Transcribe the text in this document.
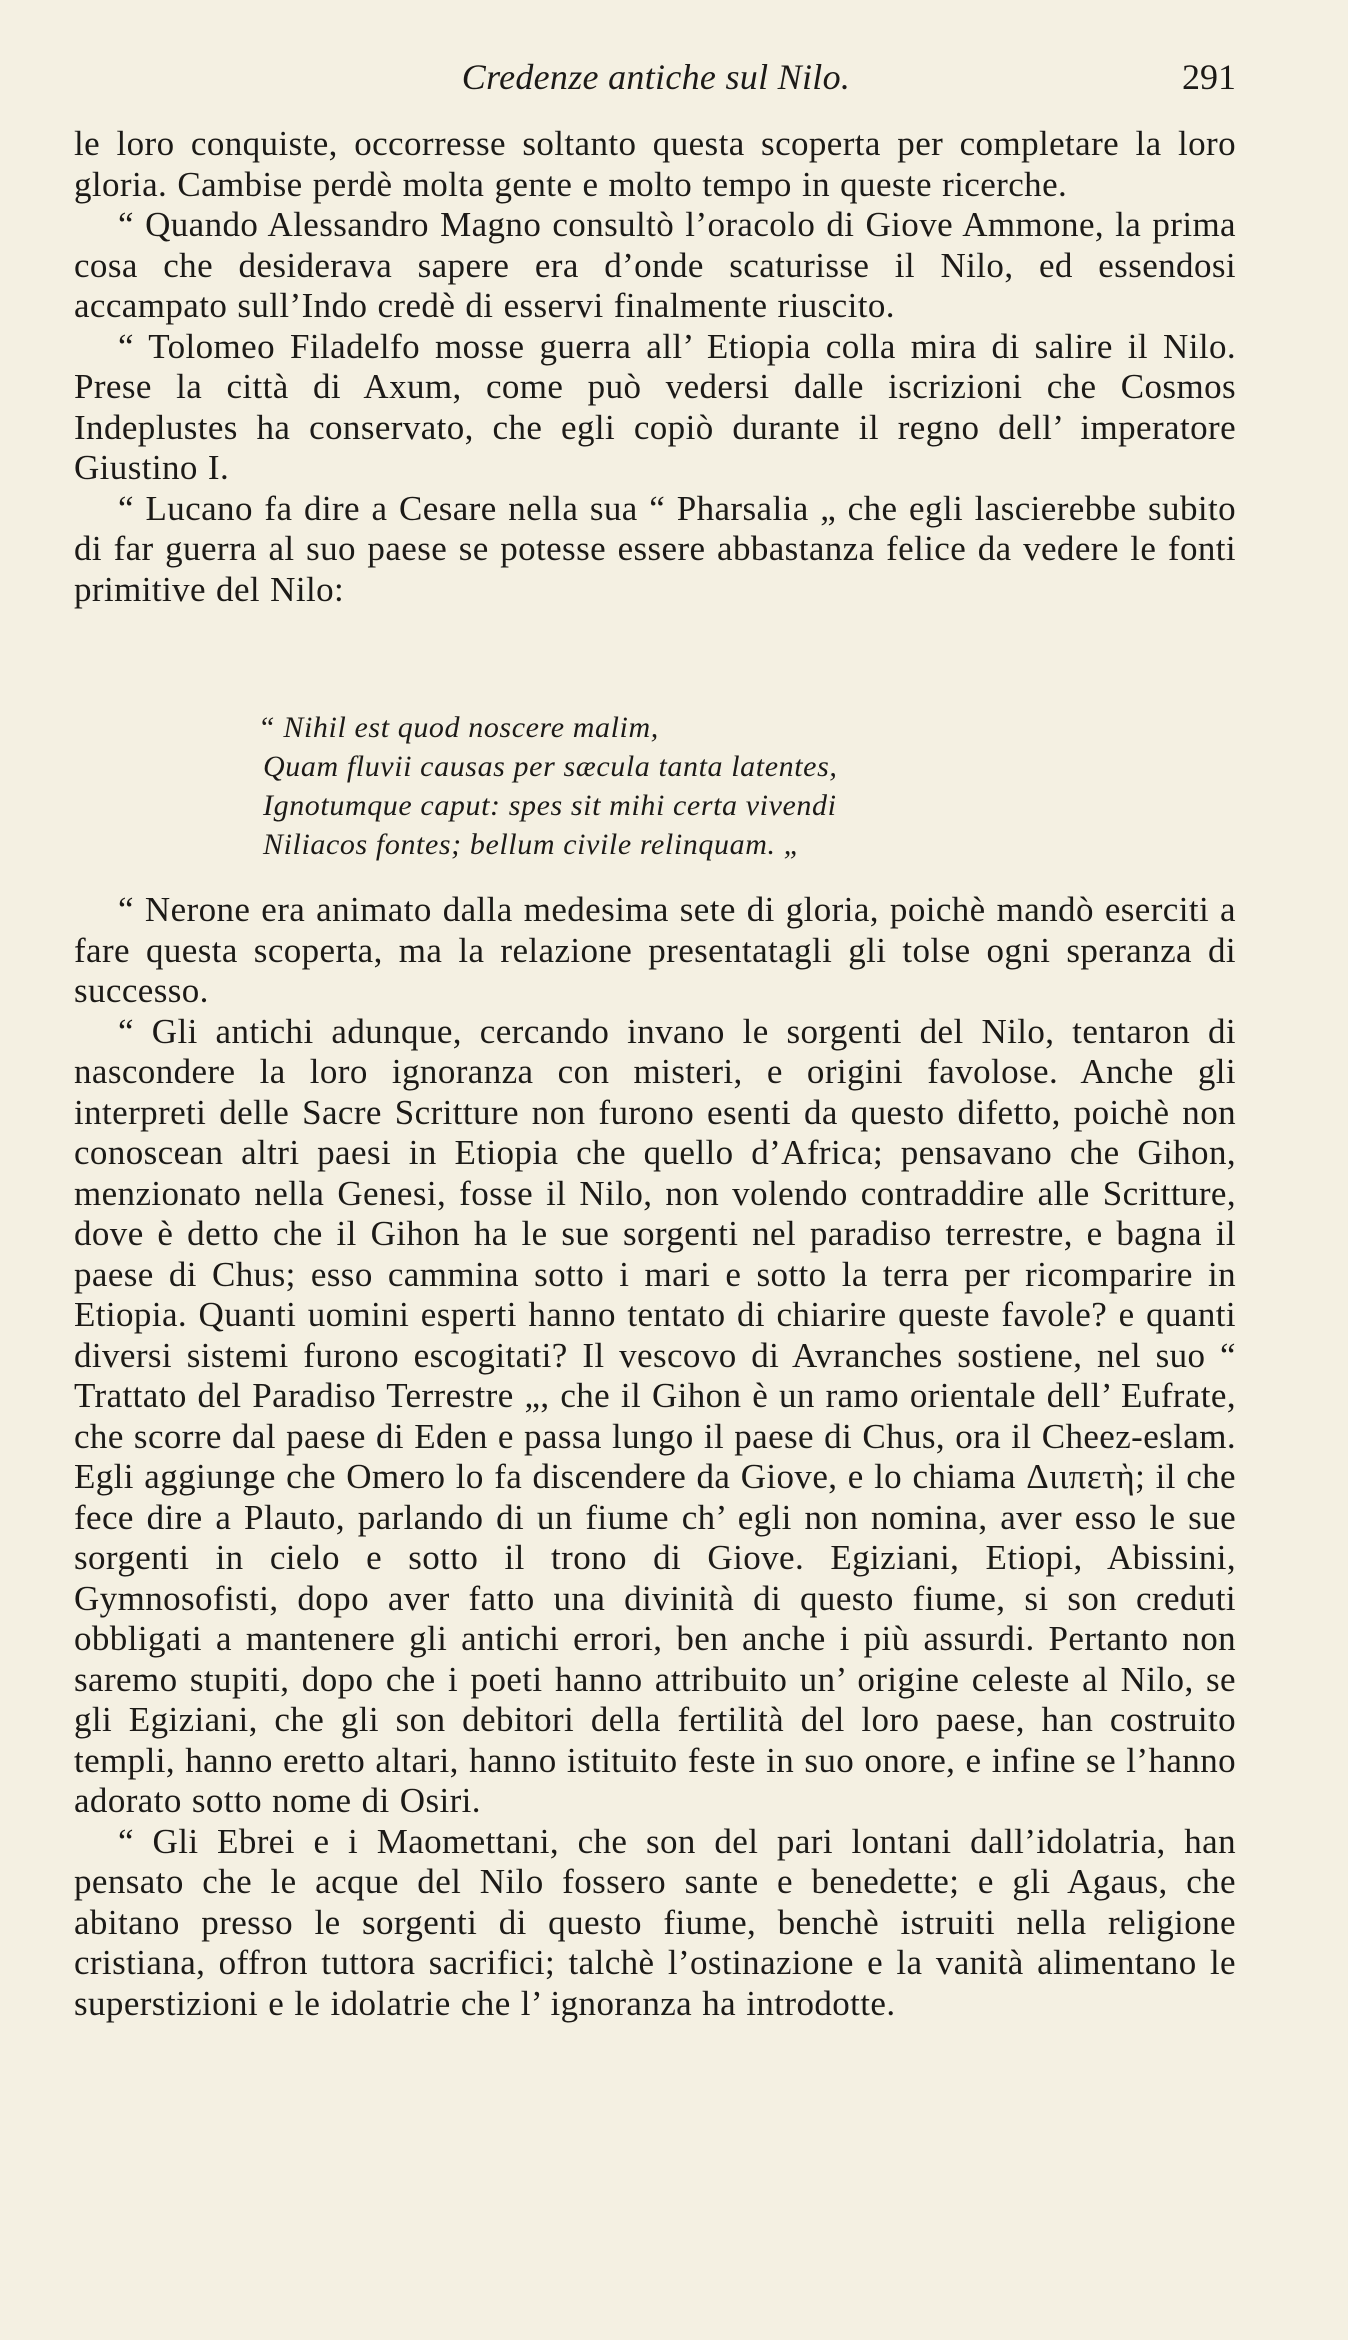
Credenze antiche sul Nilo.	291

le loro conquiste, occorresse soltanto questa scoperta per completare la loro gloria. Cambise perdè molta gente e molto tempo in queste ricerche.

“ Quando Alessandro Magno consultò l’oracolo di Giove Ammone, la prima cosa che desiderava sapere era d’onde scaturisse il Nilo, ed essendosi accampato sull’Indo credè di esservi finalmente riuscito.

“ Tolomeo Filadelfo mosse guerra all’ Etiopia colla mira di salire il Nilo. Prese la città di Axum, come può vedersi dalle iscrizioni che Cosmos Indeplustes ha conservato, che egli copiò durante il regno dell’ imperatore Giustino I.

“ Lucano fa dire a Cesare nella sua “ Pharsalia „ che egli lascierebbe subito di far guerra al suo paese se potesse essere abbastanza felice da vedere le fonti primitive del Nilo:

“ Nihil est quod noscere malim,
Quam fluvii causas per sæcula tanta latentes,
Ignotumque caput: spes sit mihi certa vivendi
Niliacos fontes; bellum civile relinquam. „

“ Nerone era animato dalla medesima sete di gloria, poichè mandò eserciti a fare questa scoperta, ma la relazione presentatagli gli tolse ogni speranza di successo.

“ Gli antichi adunque, cercando invano le sorgenti del Nilo, tentaron di nascondere la loro ignoranza con misteri, e origini favolose. Anche gli interpreti delle Sacre Scritture non furono esenti da questo difetto, poichè non conoscean altri paesi in Etiopia che quello d’Africa; pensavano che Gihon, menzionato nella Genesi, fosse il Nilo, non volendo contraddire alle Scritture, dove è detto che il Gihon ha le sue sorgenti nel paradiso terrestre, e bagna il paese di Chus; esso cammina sotto i mari e sotto la terra per ricomparire in Etiopia. Quanti uomini esperti hanno tentato di chiarire queste favole? e quanti diversi sistemi furono escogitati? Il vescovo di Avranches sostiene, nel suo “ Trattato del Paradiso Terrestre „, che il Gihon è un ramo orientale dell’ Eufrate, che scorre dal paese di Eden e passa lungo il paese di Chus, ora il Cheez-eslam. Egli aggiunge che Omero lo fa discendere da Giove, e lo chiama Διιπετὴ; il che fece dire a Plauto, parlando di un fiume ch’ egli non nomina, aver esso le sue sorgenti in cielo e sotto il trono di Giove. Egiziani, Etiopi, Abissini, Gymnosofisti, dopo aver fatto una divinità di questo fiume, si son creduti obbligati a mantenere gli antichi errori, ben anche i più assurdi. Pertanto non saremo stupiti, dopo che i poeti hanno attribuito un’ origine celeste al Nilo, se gli Egiziani, che gli son debitori della fertilità del loro paese, han costruito templi, hanno eretto altari, hanno istituito feste in suo onore, e infine se l’hanno adorato sotto nome di Osiri.

“ Gli Ebrei e i Maomettani, che son del pari lontani dall’idolatria, han pensato che le acque del Nilo fossero sante e benedette; e gli Agaus, che abitano presso le sorgenti di questo fiume, benchè istruiti nella religione cristiana, offron tuttora sacrifici; talchè l’ostinazione e la vanità alimentano le superstizioni e le idolatrie che l’ ignoranza ha introdotte.
